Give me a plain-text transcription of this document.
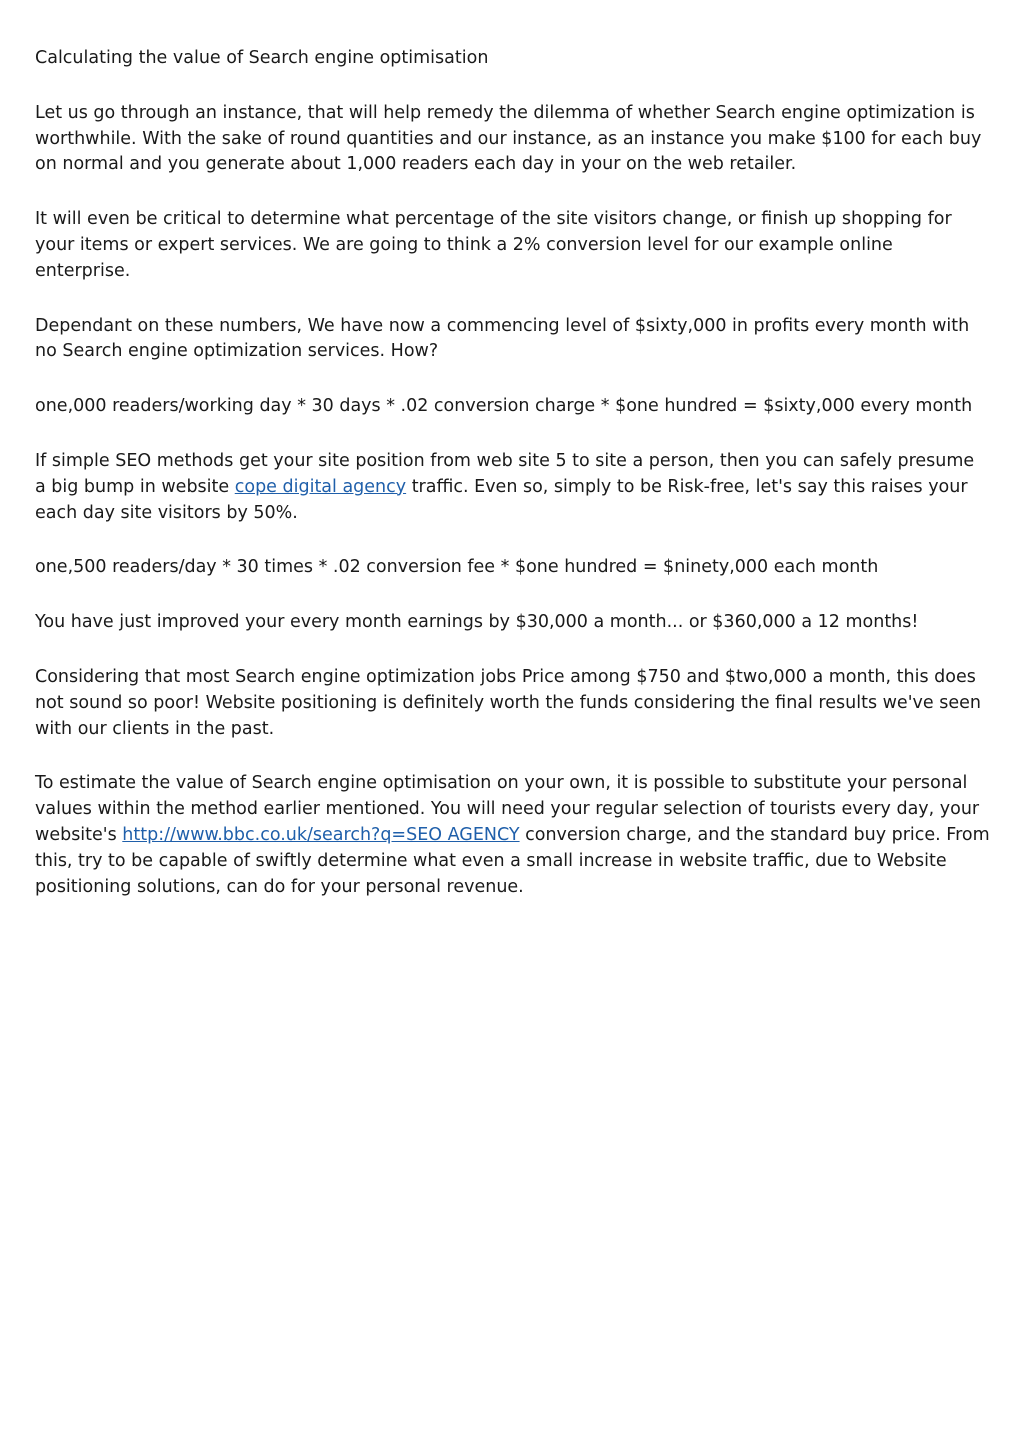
Calculating the value of Search engine optimisation

Let us go through an instance, that will help remedy the dilemma of whether Search engine optimization is worthwhile. With the sake of round quantities and our instance, as an instance you make $100 for each buy on normal and you generate about 1,000 readers each day in your on the web retailer.

It will even be critical to determine what percentage of the site visitors change, or finish up shopping for your items or expert services. We are going to think a 2% conversion level for our example online enterprise.

Dependant on these numbers, We have now a commencing level of $sixty,000 in profits every month with no Search engine optimization services. How?

one,000 readers/working day * 30 days * .02 conversion charge * $one hundred = $sixty,000 every month

If simple SEO methods get your site position from web site 5 to site a person, then you can safely presume a big bump in website cope digital agency traffic. Even so, simply to be Risk-free, let's say this raises your each day site visitors by 50%.

one,500 readers/day * 30 times * .02 conversion fee * $one hundred = $ninety,000 each month

You have just improved your every month earnings by $30,000 a month... or $360,000 a 12 months!

Considering that most Search engine optimization jobs Price among $750 and $two,000 a month, this does not sound so poor! Website positioning is definitely worth the funds considering the final results we've seen with our clients in the past.

To estimate the value of Search engine optimisation on your own, it is possible to substitute your personal values within the method earlier mentioned. You will need your regular selection of tourists every day, your website's http://www.bbc.co.uk/search?q=SEO AGENCY conversion charge, and the standard buy price. From this, try to be capable of swiftly determine what even a small increase in website traffic, due to Website positioning solutions, can do for your personal revenue.
